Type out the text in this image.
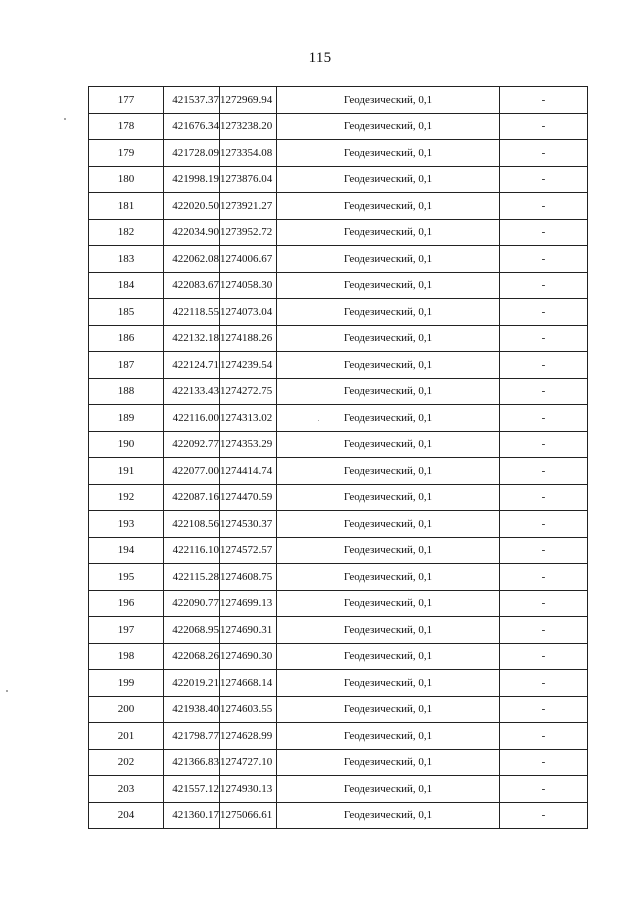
115
177	421537.37	1272969.94	Геодезический, 0,1	-
178	421676.34	1273238.20	Геодезический, 0,1	-
179	421728.09	1273354.08	Геодезический, 0,1	-
180	421998.19	1273876.04	Геодезический, 0,1	-
181	422020.50	1273921.27	Геодезический, 0,1	-
182	422034.90	1273952.72	Геодезический, 0,1	-
183	422062.08	1274006.67	Геодезический, 0,1	-
184	422083.67	1274058.30	Геодезический, 0,1	-
185	422118.55	1274073.04	Геодезический, 0,1	-
186	422132.18	1274188.26	Геодезический, 0,1	-
187	422124.71	1274239.54	Геодезический, 0,1	-
188	422133.43	1274272.75	Геодезический, 0,1	-
189	422116.00	1274313.02	Геодезический, 0,1	-
190	422092.77	1274353.29	Геодезический, 0,1	-
191	422077.00	1274414.74	Геодезический, 0,1	-
192	422087.16	1274470.59	Геодезический, 0,1	-
193	422108.56	1274530.37	Геодезический, 0,1	-
194	422116.10	1274572.57	Геодезический, 0,1	-
195	422115.28	1274608.75	Геодезический, 0,1	-
196	422090.77	1274699.13	Геодезический, 0,1	-
197	422068.95	1274690.31	Геодезический, 0,1	-
198	422068.26	1274690.30	Геодезический, 0,1	-
199	422019.21	1274668.14	Геодезический, 0,1	-
200	421938.40	1274603.55	Геодезический, 0,1	-
201	421798.77	1274628.99	Геодезический, 0,1	-
202	421366.83	1274727.10	Геодезический, 0,1	-
203	421557.12	1274930.13	Геодезический, 0,1	-
204	421360.17	1275066.61	Геодезический, 0,1	-
